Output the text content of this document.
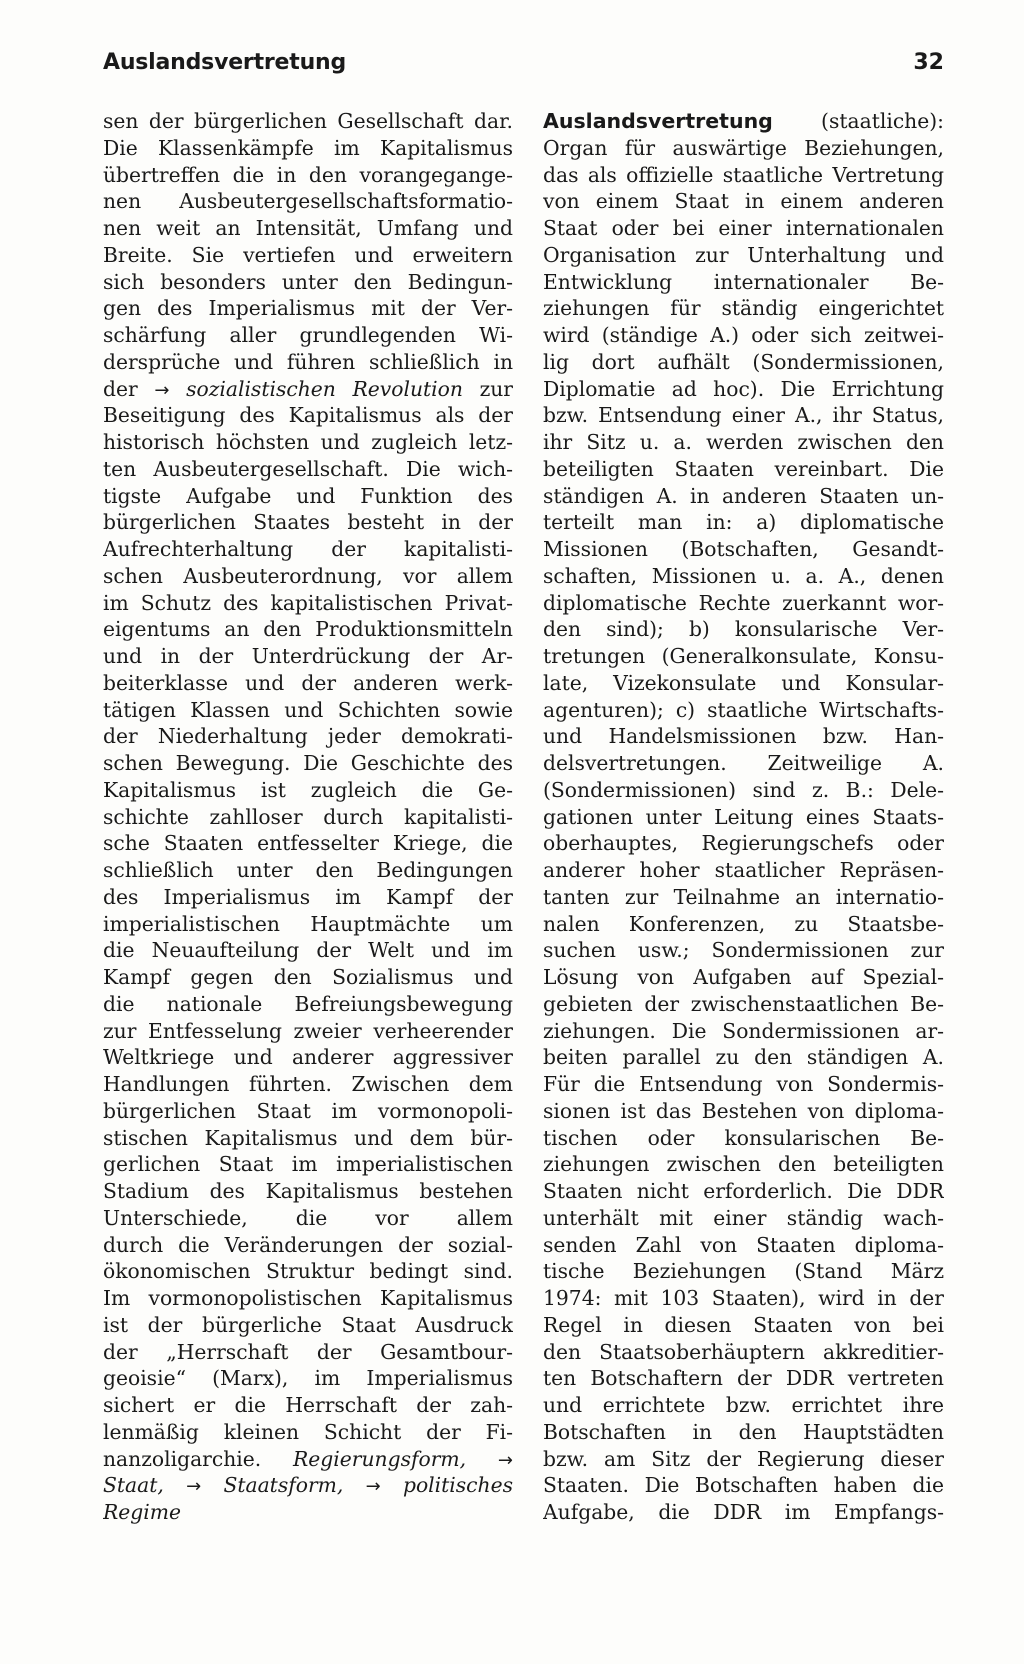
Auslandsvertretung	32
sen der bürgerlichen Gesellschaft dar.
Die Klassenkämpfe im Kapitalismus
übertreffen die in den vorangegange-
nen Ausbeutergesellschaftsformatio-
nen weit an Intensität, Umfang und
Breite. Sie vertiefen und erweitern
sich besonders unter den Bedingun-
gen des Imperialismus mit der Ver-
schärfung aller grundlegenden Wi-
dersprüche und führen schließlich in
der → sozialistischen Revolution zur
Beseitigung des Kapitalismus als der
historisch höchsten und zugleich letz-
ten Ausbeutergesellschaft. Die wich-
tigste Aufgabe und Funktion des
bürgerlichen Staates besteht in der
Aufrechterhaltung der kapitalisti-
schen Ausbeuterordnung, vor allem
im Schutz des kapitalistischen Privat-
eigentums an den Produktionsmitteln
und in der Unterdrückung der Ar-
beiterklasse und der anderen werk-
tätigen Klassen und Schichten sowie
der Niederhaltung jeder demokrati-
schen Bewegung. Die Geschichte des
Kapitalismus ist zugleich die Ge-
schichte zahlloser durch kapitalisti-
sche Staaten entfesselter Kriege, die
schließlich unter den Bedingungen
des Imperialismus im Kampf der
imperialistischen Hauptmächte um
die Neuaufteilung der Welt und im
Kampf gegen den Sozialismus und
die nationale Befreiungsbewegung
zur Entfesselung zweier verheerender
Weltkriege und anderer aggressiver
Handlungen führten. Zwischen dem
bürgerlichen Staat im vormonopoli-
stischen Kapitalismus und dem bür-
gerlichen Staat im imperialistischen
Stadium des Kapitalismus bestehen
Unterschiede, die vor allem
durch die Veränderungen der sozial-
ökonomischen Struktur bedingt sind.
Im vormonopolistischen Kapitalismus
ist der bürgerliche Staat Ausdruck
der „Herrschaft der Gesamtbour-
geoisie“ (Marx), im Imperialismus
sichert er die Herrschaft der zah-
lenmäßig kleinen Schicht der Fi-
nanzoligarchie. Regierungsform, →
Staat, → Staatsform, → politisches
Regime
Auslandsvertretung (staatliche):
Organ für auswärtige Beziehungen,
das als offizielle staatliche Vertretung
von einem Staat in einem anderen
Staat oder bei einer internationalen
Organisation zur Unterhaltung und
Entwicklung internationaler Be-
ziehungen für ständig eingerichtet
wird (ständige A.) oder sich zeitwei-
lig dort aufhält (Sondermissionen,
Diplomatie ad hoc). Die Errichtung
bzw. Entsendung einer A., ihr Status,
ihr Sitz u. a. werden zwischen den
beteiligten Staaten vereinbart. Die
ständigen A. in anderen Staaten un-
terteilt man in: a) diplomatische
Missionen (Botschaften, Gesandt-
schaften, Missionen u. a. A., denen
diplomatische Rechte zuerkannt wor-
den sind); b) konsularische Ver-
tretungen (Generalkonsulate, Konsu-
late, Vizekonsulate und Konsular-
agenturen); c) staatliche Wirtschafts-
und Handelsmissionen bzw. Han-
delsvertretungen. Zeitweilige A.
(Sondermissionen) sind z. B.: Dele-
gationen unter Leitung eines Staats-
oberhauptes, Regierungschefs oder
anderer hoher staatlicher Repräsen-
tanten zur Teilnahme an internatio-
nalen Konferenzen, zu Staatsbe-
suchen usw.; Sondermissionen zur
Lösung von Aufgaben auf Spezial-
gebieten der zwischenstaatlichen Be-
ziehungen. Die Sondermissionen ar-
beiten parallel zu den ständigen A.
Für die Entsendung von Sondermis-
sionen ist das Bestehen von diploma-
tischen oder konsularischen Be-
ziehungen zwischen den beteiligten
Staaten nicht erforderlich. Die DDR
unterhält mit einer ständig wach-
senden Zahl von Staaten diploma-
tische Beziehungen (Stand März
1974: mit 103 Staaten), wird in der
Regel in diesen Staaten von bei
den Staatsoberhäuptern akkreditier-
ten Botschaftern der DDR vertreten
und errichtete bzw. errichtet ihre
Botschaften in den Hauptstädten
bzw. am Sitz der Regierung dieser
Staaten. Die Botschaften haben die
Aufgabe, die DDR im Empfangs-
